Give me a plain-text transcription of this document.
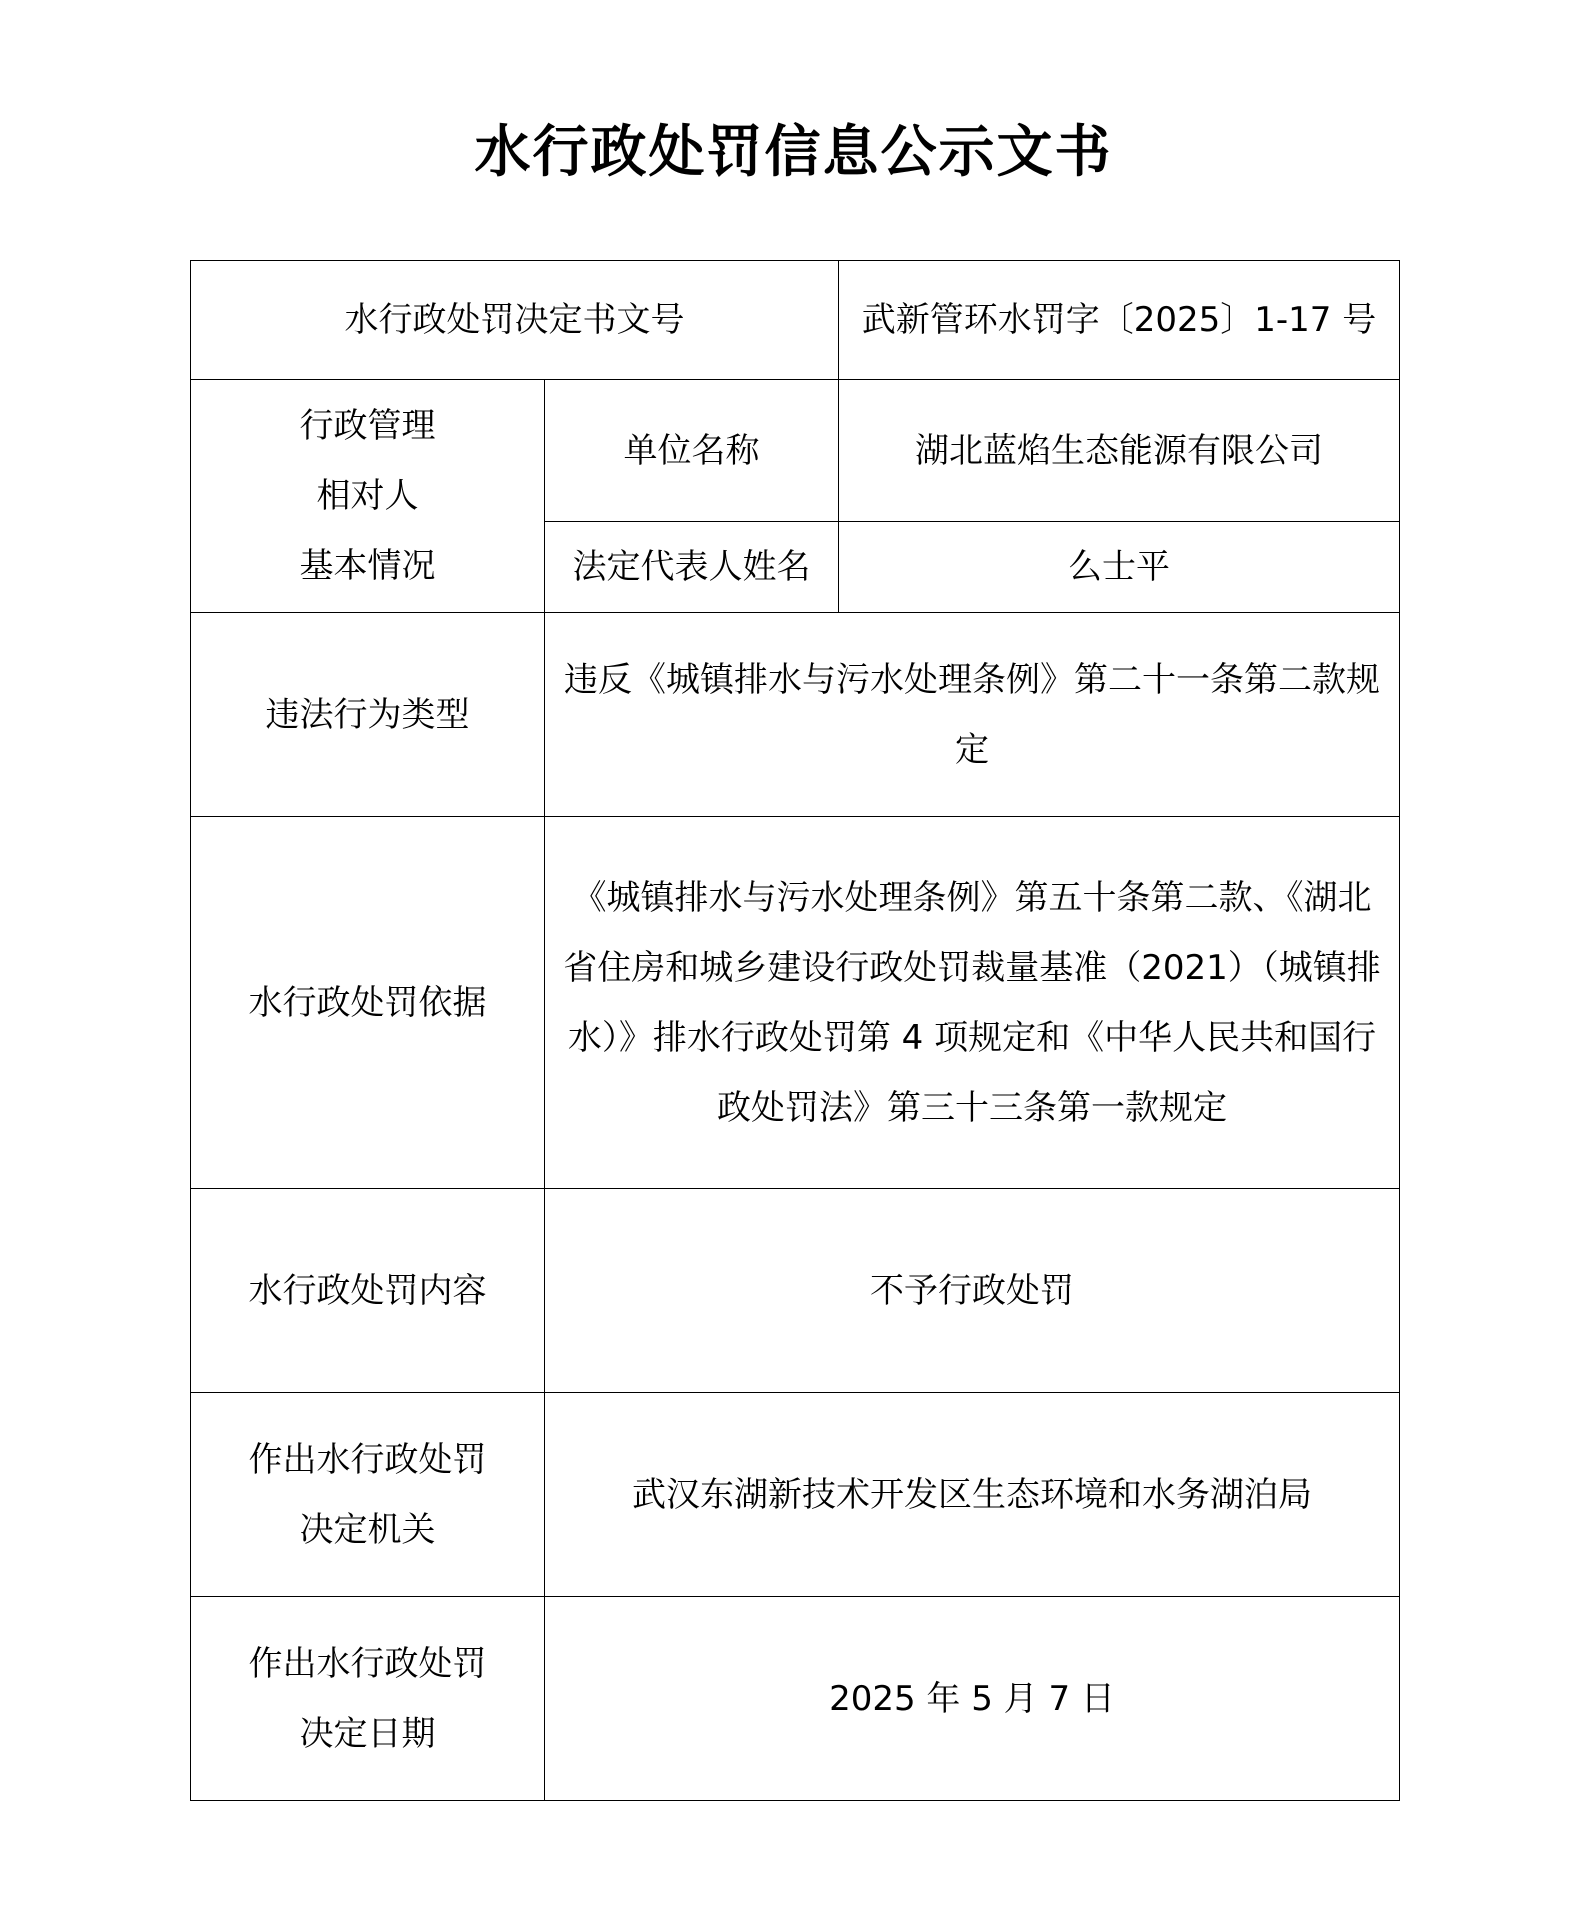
水行政处罚信息公示文书
水行政处罚决定书文号		武新管环水罚字〔2025〕1-17 号
行政管理
相对人
基本情况	单位名称	湖北蓝焰生态能源有限公司
	法定代表人姓名	么士平
违法行为类型	违反《城镇排水与污水处理条例》第二十一条第二款规定	
水行政处罚依据	《城镇排水与污水处理条例》第五十条第二款、《湖北省住房和城乡建设行政处罚裁量基准（2021）（城镇排水）》排水行政处罚第 4 项规定和《中华人民共和国行政处罚法》第三十三条第一款规定	
水行政处罚内容	不予行政处罚	
作出水行政处罚
决定机关	武汉东湖新技术开发区生态环境和水务湖泊局	
作出水行政处罚
决定日期	2025 年 5 月 7 日	
